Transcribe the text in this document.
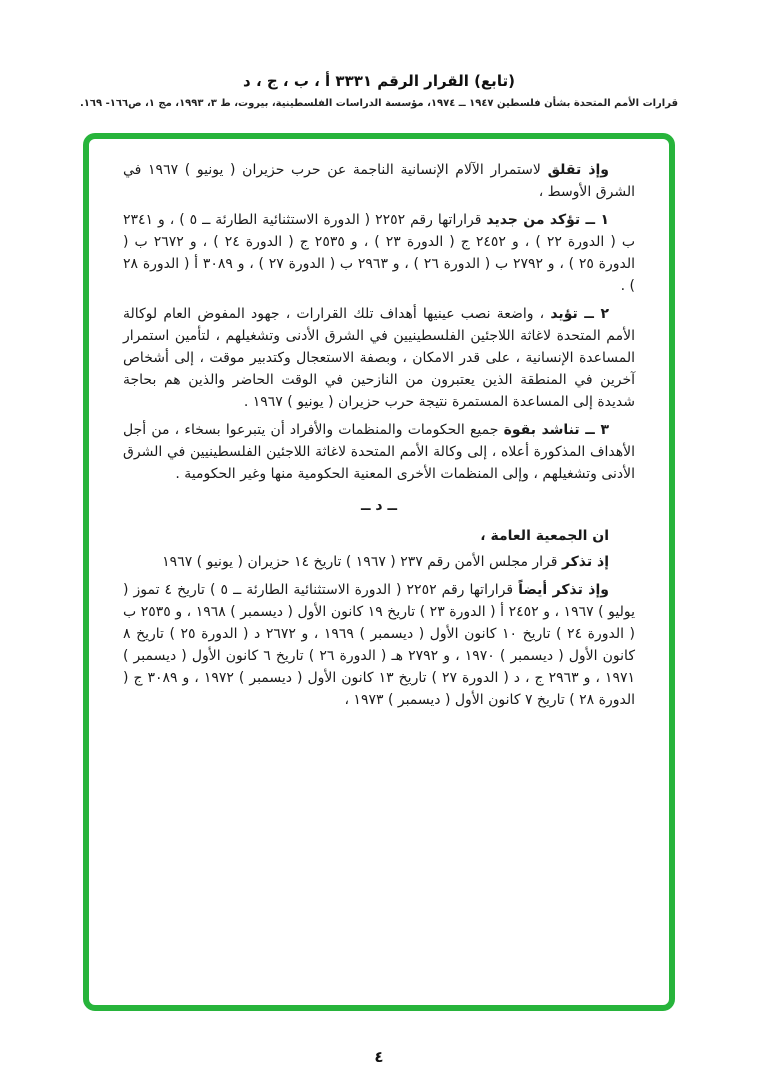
(تابع) القرار الرقم ٣٣٣١ أ ، ب ، ج ، د
قرارات الأمم المتحدة بشأن فلسطين ١٩٤٧ ــ ١٩٧٤، مؤسسة الدراسات الفلسطينية، بيروت، ط ٣، ١٩٩٣، مج ١، ص١٦٦- ١٦٩.

وإذ تقلق لاستمرار الآلام الإنسانية الناجمة عن حرب حزيران ( يونيو ) ١٩٦٧ في الشرق الأوسط ،

١ ــ تؤكد من جديد قراراتها رقم ٢٢٥٢ ( الدورة الاستثنائية الطارئة ــ ٥ ) ، و ٢٣٤١ ب ( الدورة ٢٢ ) ، و ٢٤٥٢ ج ( الدورة ٢٣ ) ، و ٢٥٣٥ ج ( الدورة ٢٤ ) ، و ٢٦٧٢ ب ( الدورة ٢٥ ) ، و ٢٧٩٢ ب ( الدورة ٢٦ ) ، و ٢٩٦٣ ب ( الدورة ٢٧ ) ، و ٣٠٨٩ أ ( الدورة ٢٨ ) .

٢ ــ تؤيد ، واضعة نصب عينيها أهداف تلك القرارات ، جهود المفوض العام لوكالة الأمم المتحدة لاغاثة اللاجئين الفلسطينيين في الشرق الأدنى وتشغيلهم ، لتأمين استمرار المساعدة الإنسانية ، على قدر الامكان ، وبصفة الاستعجال وكتدبير موقت ، إلى أشخاص آخرين في المنطقة الذين يعتبرون من النازحين في الوقت الحاضر والذين هم بحاجة شديدة إلى المساعدة المستمرة نتيجة حرب حزيران ( يونيو ) ١٩٦٧ .

٣ ــ تناشد بقوة جميع الحكومات والمنظمات والأفراد أن يتبرعوا بسخاء ، من أجل الأهداف المذكورة أعلاه ، إلى وكالة الأمم المتحدة لاغاثة اللاجئين الفلسطينيين في الشرق الأدنى وتشغيلهم ، وإلى المنظمات الأخرى المعنية الحكومية منها وغير الحكومية .

ــ د ــ

ان الجمعية العامة ،

إذ تذكر قرار مجلس الأمن رقم ٢٣٧ ( ١٩٦٧ ) تاريخ ١٤ حزيران ( يونيو ) ١٩٦٧

وإذ تذكر أيضاً قراراتها رقم ٢٢٥٢ ( الدورة الاستثنائية الطارئة ــ ٥ ) تاريخ ٤ تموز ( يوليو ) ١٩٦٧ ، و ٢٤٥٢ أ ( الدورة ٢٣ ) تاريخ ١٩ كانون الأول ( ديسمبر ) ١٩٦٨ ، و ٢٥٣٥ ب ( الدورة ٢٤ ) تاريخ ١٠ كانون الأول ( ديسمبر ) ١٩٦٩ ، و ٢٦٧٢ د ( الدورة ٢٥ ) تاريخ ٨ كانون الأول ( ديسمبر ) ١٩٧٠ ، و ٢٧٩٢ هـ ( الدورة ٢٦ ) تاريخ ٦ كانون الأول ( ديسمبر ) ١٩٧١ ، و ٢٩٦٣ ج ، د ( الدورة ٢٧ ) تاريخ ١٣ كانون الأول ( ديسمبر ) ١٩٧٢ ، و ٣٠٨٩ ج ( الدورة ٢٨ ) تاريخ ٧ كانون الأول ( ديسمبر ) ١٩٧٣ ،

٤
